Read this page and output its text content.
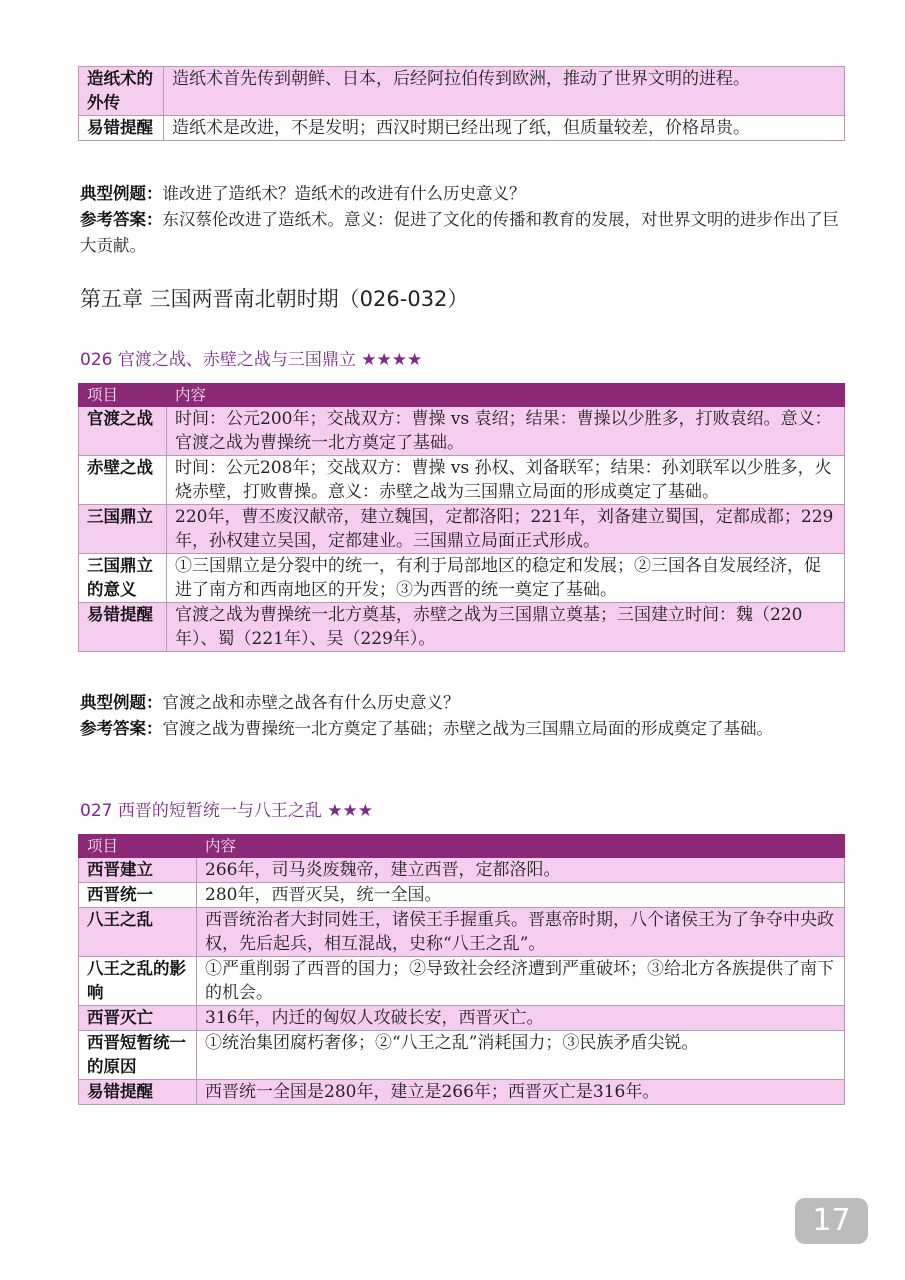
造纸术的外传	造纸术首先传到朝鲜、日本，后经阿拉伯传到欧洲，推动了世界文明的进程。
易错提醒	造纸术是改进，不是发明；西汉时期已经出现了纸，但质量较差，价格昂贵。
典型例题：谁改进了造纸术？造纸术的改进有什么历史意义？
参考答案：东汉蔡伦改进了造纸术。意义：促进了文化的传播和教育的发展，对世界文明的进步作出了巨大贡献。
第五章 三国两晋南北朝时期（026-032）
026 官渡之战、赤壁之战与三国鼎立 ★★★★
项目	内容
官渡之战	时间：公元200年；交战双方：曹操 vs 袁绍；结果：曹操以少胜多，打败袁绍。意义：官渡之战为曹操统一北方奠定了基础。
赤壁之战	时间：公元208年；交战双方：曹操 vs 孙权、刘备联军；结果：孙刘联军以少胜多，火烧赤壁，打败曹操。意义：赤壁之战为三国鼎立局面的形成奠定了基础。
三国鼎立	220年，曹丕废汉献帝，建立魏国，定都洛阳；221年，刘备建立蜀国，定都成都；229年，孙权建立吴国，定都建业。三国鼎立局面正式形成。
三国鼎立的意义	①三国鼎立是分裂中的统一，有利于局部地区的稳定和发展；②三国各自发展经济，促进了南方和西南地区的开发；③为西晋的统一奠定了基础。
易错提醒	官渡之战为曹操统一北方奠基，赤壁之战为三国鼎立奠基；三国建立时间：魏（220年）、蜀（221年）、吴（229年）。
典型例题：官渡之战和赤壁之战各有什么历史意义？
参考答案：官渡之战为曹操统一北方奠定了基础；赤壁之战为三国鼎立局面的形成奠定了基础。
027 西晋的短暂统一与八王之乱 ★★★
项目	内容
西晋建立	266年，司马炎废魏帝，建立西晋，定都洛阳。
西晋统一	280年，西晋灭吴，统一全国。
八王之乱	西晋统治者大封同姓王，诸侯王手握重兵。晋惠帝时期，八个诸侯王为了争夺中央政权，先后起兵，相互混战，史称“八王之乱”。
八王之乱的影响	①严重削弱了西晋的国力；②导致社会经济遭到严重破坏；③给北方各族提供了南下的机会。
西晋灭亡	316年，内迁的匈奴人攻破长安，西晋灭亡。
西晋短暂统一的原因	①统治集团腐朽奢侈；②“八王之乱”消耗国力；③民族矛盾尖锐。
易错提醒	西晋统一全国是280年，建立是266年；西晋灭亡是316年。
17
